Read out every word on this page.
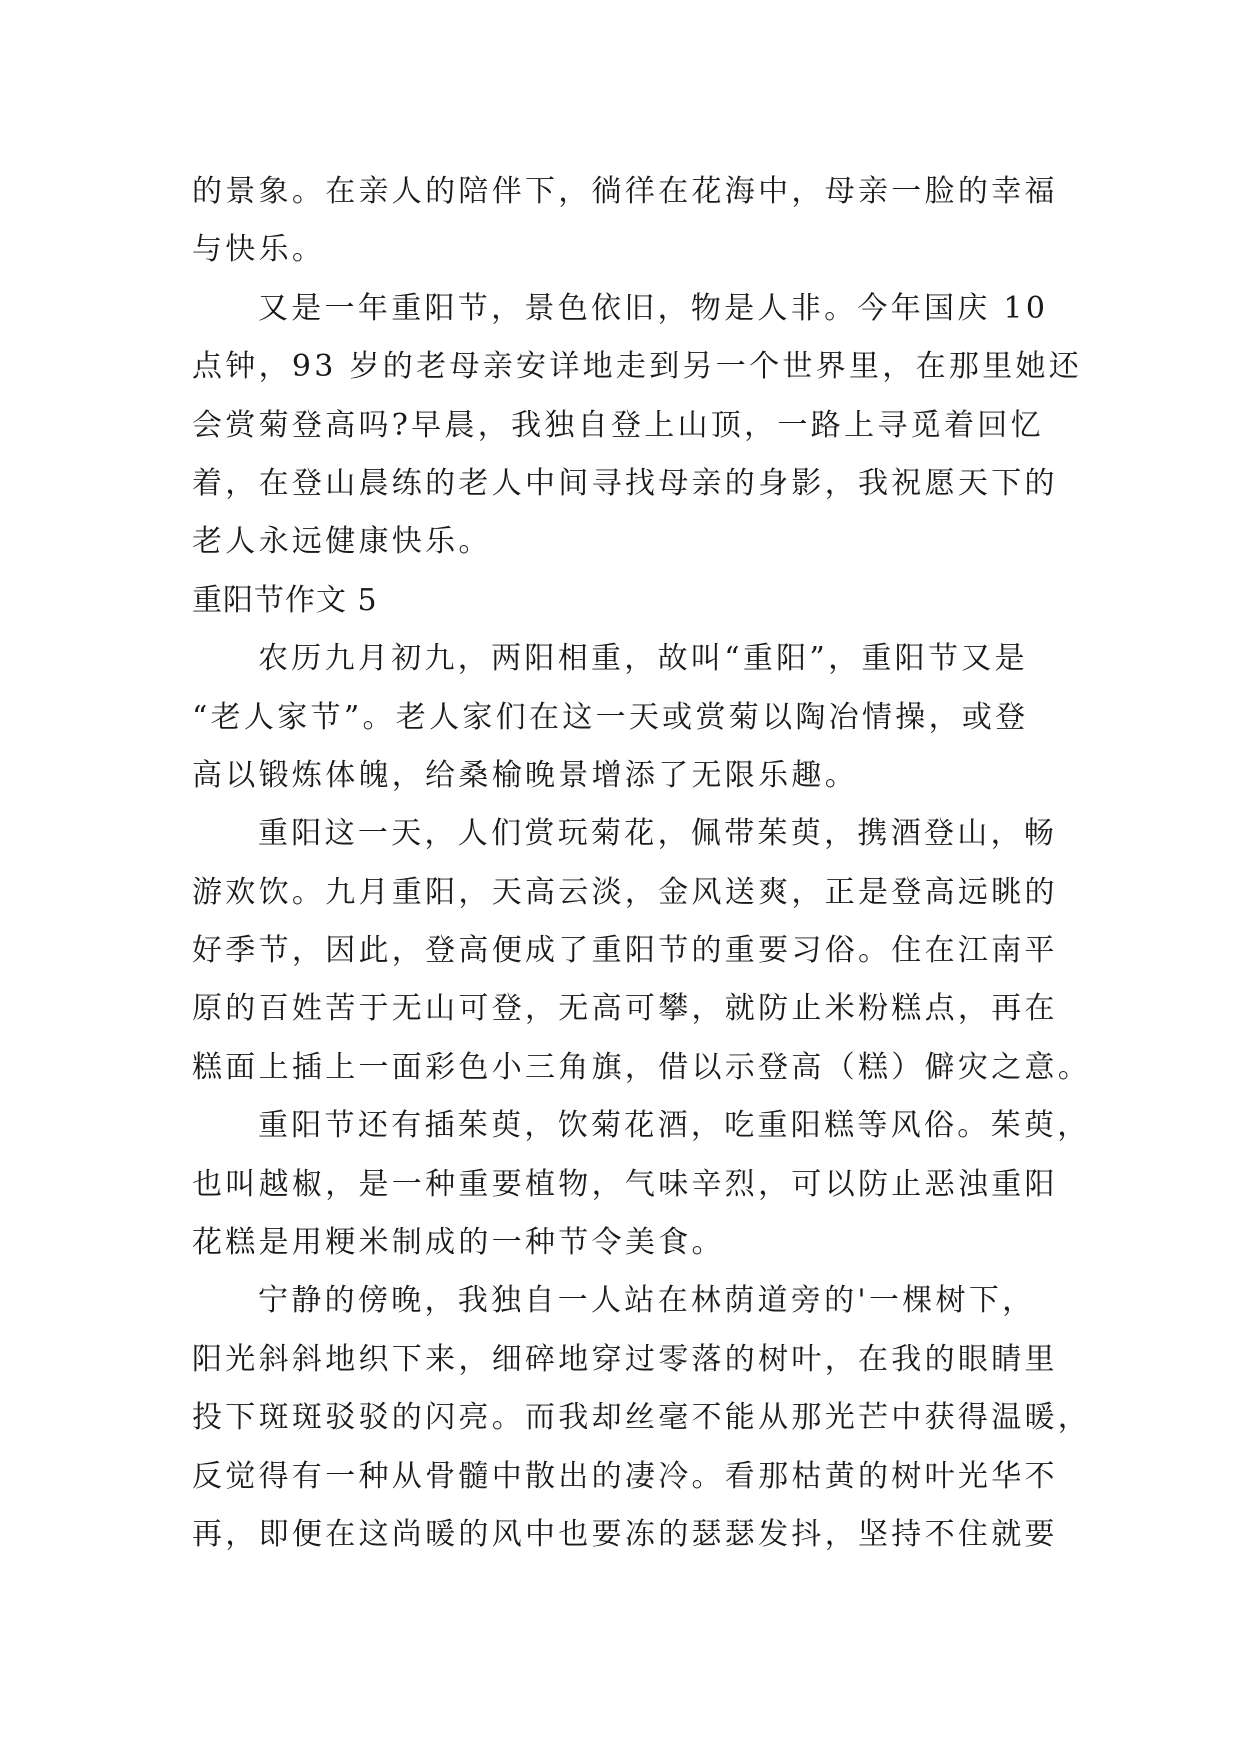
的景象。在亲人的陪伴下，徜徉在花海中，母亲一脸的幸福
与快乐。
又是一年重阳节，景色依旧，物是人非。今年国庆 10
点钟，93 岁的老母亲安详地走到另一个世界里，在那里她还
会赏菊登高吗?早晨，我独自登上山顶，一路上寻觅着回忆
着，在登山晨练的老人中间寻找母亲的身影，我祝愿天下的
老人永远健康快乐。
重阳节作文 5
农历九月初九，两阳相重，故叫“重阳”，重阳节又是
“老人家节”。老人家们在这一天或赏菊以陶冶情操，或登
高以锻炼体魄，给桑榆晚景增添了无限乐趣。
重阳这一天，人们赏玩菊花，佩带茱萸，携酒登山，畅
游欢饮。九月重阳，天高云淡，金风送爽，正是登高远眺的
好季节，因此，登高便成了重阳节的重要习俗。住在江南平
原的百姓苦于无山可登，无高可攀，就防止米粉糕点，再在
糕面上插上一面彩色小三角旗，借以示登高（糕）僻灾之意。
重阳节还有插茱萸，饮菊花酒，吃重阳糕等风俗。茱萸，
也叫越椒，是一种重要植物，气味辛烈，可以防止恶浊重阳
花糕是用粳米制成的一种节令美食。
宁静的傍晚，我独自一人站在林荫道旁的'一棵树下，
阳光斜斜地织下来，细碎地穿过零落的树叶，在我的眼睛里
投下斑斑驳驳的闪亮。而我却丝毫不能从那光芒中获得温暖，
反觉得有一种从骨髓中散出的凄冷。看那枯黄的树叶光华不
再，即便在这尚暖的风中也要冻的瑟瑟发抖，坚持不住就要
